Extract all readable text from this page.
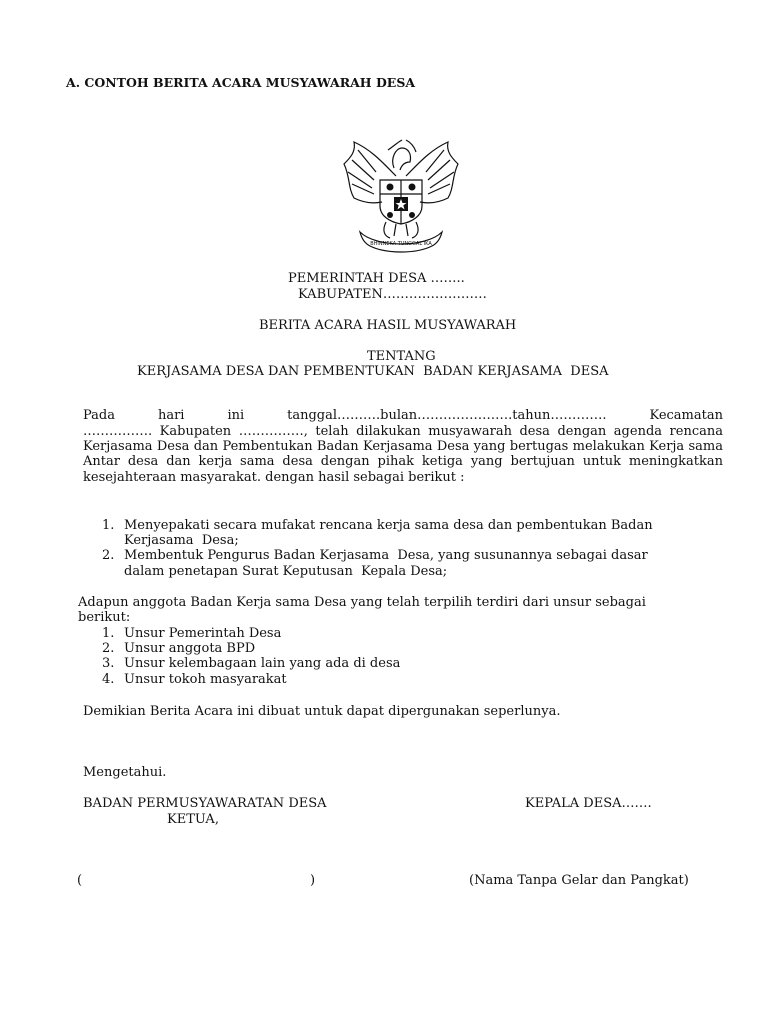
A. CONTOH BERITA ACARA MUSYAWARAH DESA
BHINNEKA TUNGGAL IKA
PEMERINTAH DESA ……..
KABUPATEN……………………
BERITA ACARA HASIL MUSYAWARAH
TENTANG
KERJASAMA DESA DAN PEMBENTUKAN  BADAN KERJASAMA  DESA
Pada	hari	ini	tanggal……….bulan………………….tahun………….	Kecamatan
……………. Kabupaten ……………, telah dilakukan musyawarah desa dengan agenda rencana Kerjasama Desa dan Pembentukan Badan Kerjasama Desa yang bertugas melakukan Kerja sama Antar desa dan kerja sama desa dengan pihak ketiga yang bertujuan untuk meningkatkan kesejahteraan masyarakat. dengan hasil sebagai berikut :
1. Menyepakati secara mufakat rencana kerja sama desa dan pembentukan Badan
Kerjasama  Desa;
2. Membentuk Pengurus Badan Kerjasama  Desa, yang susunannya sebagai dasar
dalam penetapan Surat Keputusan  Kepala Desa;
Adapun anggota Badan Kerja sama Desa yang telah terpilih terdiri dari unsur sebagai
berikut:
1. Unsur Pemerintah Desa
2. Unsur anggota BPD
3. Unsur kelembagaan lain yang ada di desa
4. Unsur tokoh masyarakat
Demikian Berita Acara ini dibuat untuk dapat dipergunakan seperlunya.
Mengetahui.
BADAN PERMUSYAWARATAN DESA
KETUA,
KEPALA DESA…….
(	)	(Nama Tanpa Gelar dan Pangkat)
